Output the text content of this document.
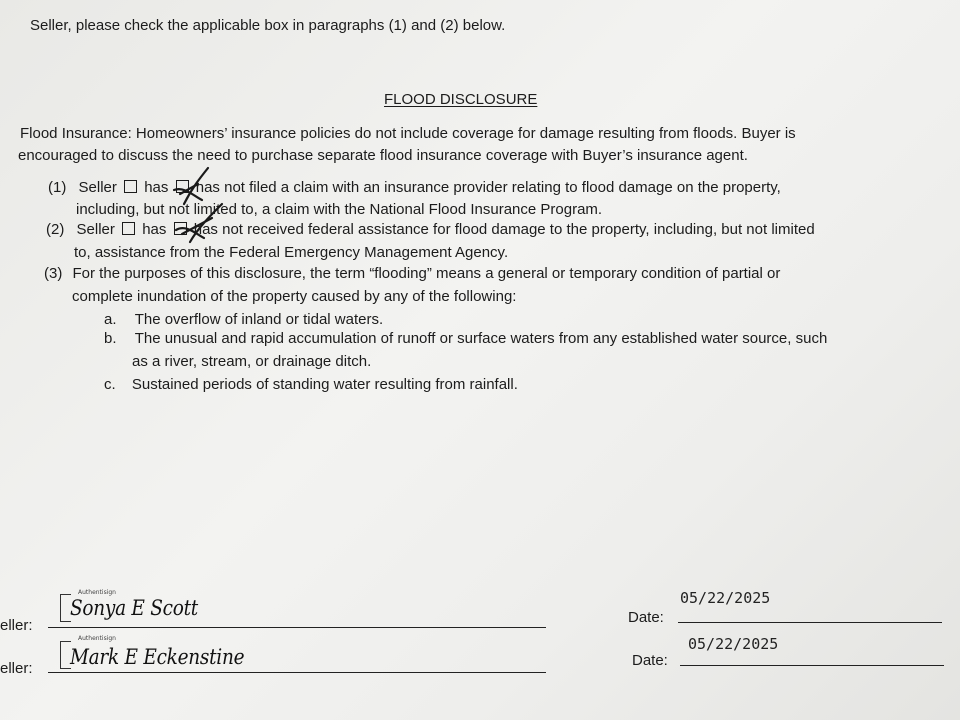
Seller, please check the applicable box in paragraphs (1) and (2) below.
FLOOD DISCLOSURE
Flood Insurance: Homeowners’ insurance policies do not include coverage for damage resulting from floods. Buyer is
encouraged to discuss the need to purchase separate flood insurance coverage with Buyer’s insurance agent.
(1) Seller has has not filed a claim with an insurance provider relating to flood damage on the property,
including, but not limited to, a claim with the National Flood Insurance Program.
(2) Seller has has not received federal assistance for flood damage to the property, including, but not limited
to, assistance from the Federal Emergency Management Agency.
(3) For the purposes of this disclosure, the term “flooding” means a general or temporary condition of partial or
complete inundation of the property caused by any of the following:
a. The overflow of inland or tidal waters.
b. The unusual and rapid accumulation of runoff or surface waters from any established water source, such
as a river, stream, or drainage ditch.
c. Sustained periods of standing water resulting from rainfall.
eller:
Authentisign
Sonya E Scott	Date:
05/22/2025
eller:
Authentisign
Mark E Eckenstine	Date:
05/22/2025
